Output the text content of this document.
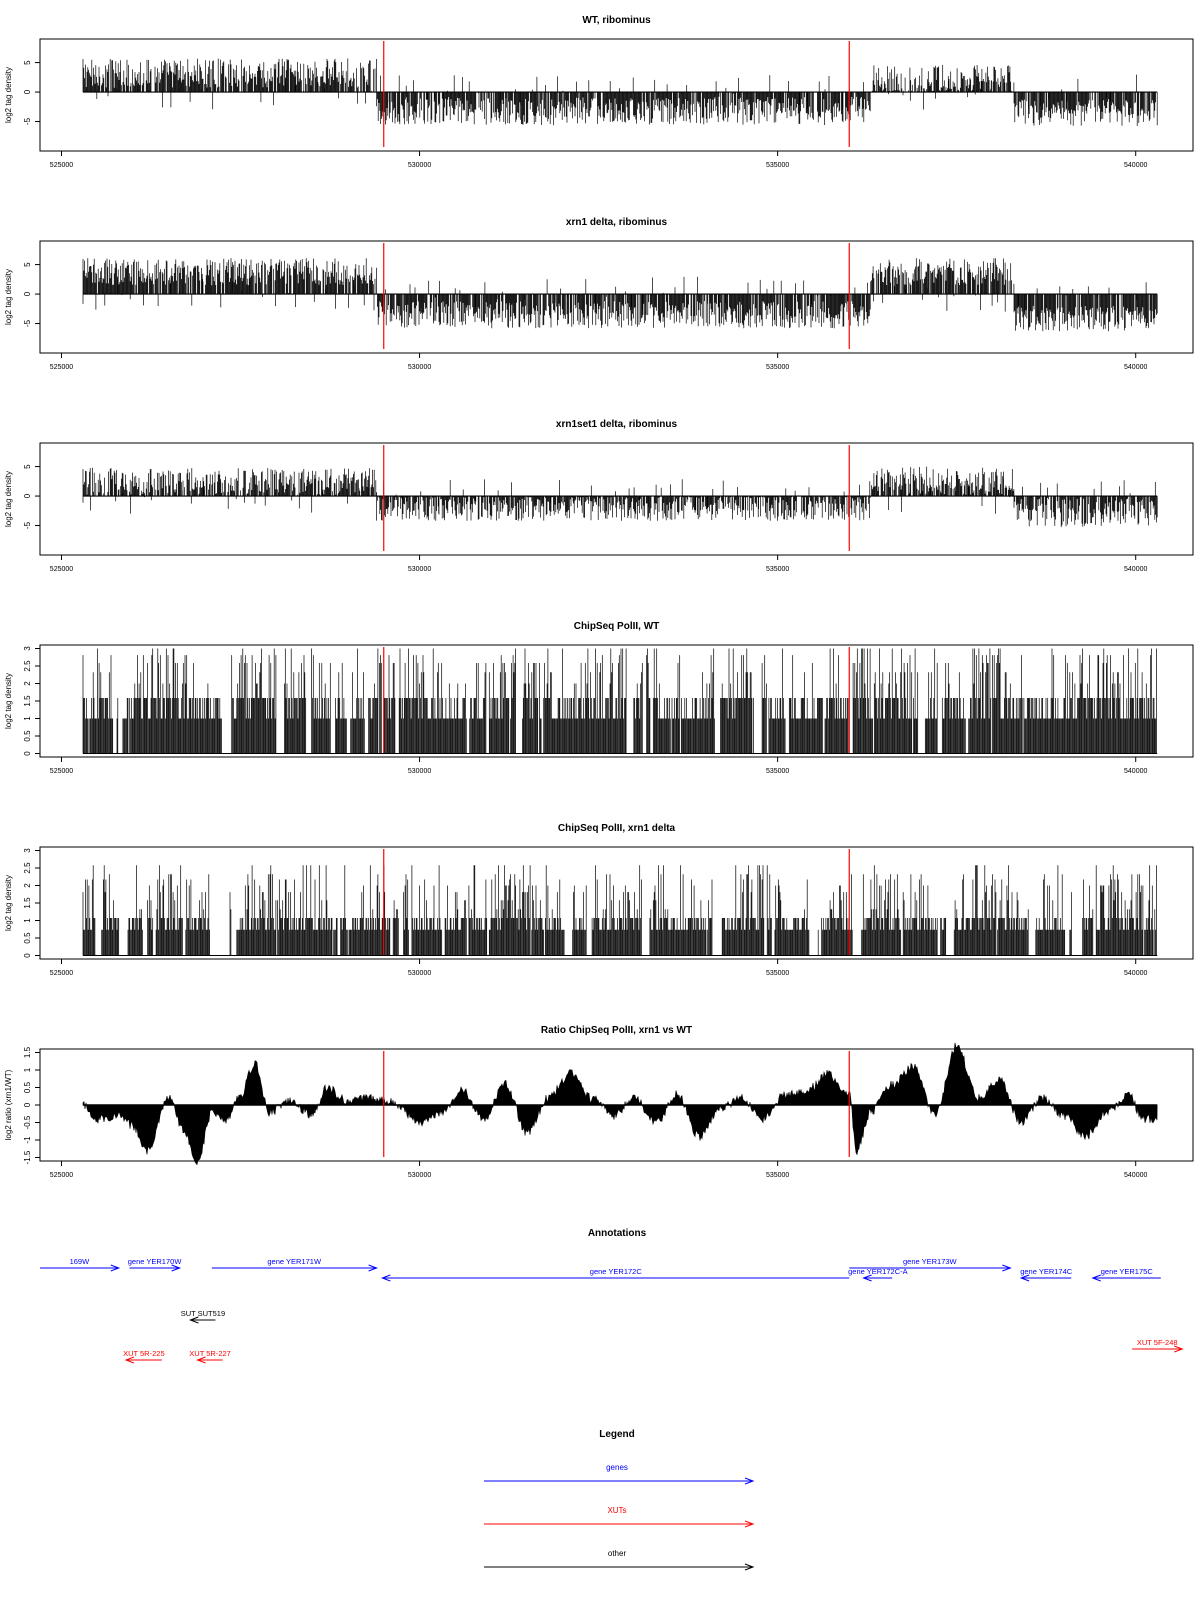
WT, ribominus
-5
0
5
log2 tag density
525000	530000	535000	540000
xrn1 delta, ribominus
-5
0
5
log2 tag density
525000	530000	535000	540000
xrn1set1 delta, ribominus
-5
0
5
log2 tag density
525000	530000	535000	540000
ChipSeq PolII, WT
0
0.5
1
1.5
2
2.5
3
log2 tag density
525000	530000	535000	540000
ChipSeq PolII, xrn1 delta
0
0.5
1
1.5
2
2.5
3
log2 tag density
525000	530000	535000	540000
Ratio ChipSeq PolII, xrn1 vs WT
-1.5
-1
-0.5
0
0.5
1
1.5
log2 ratio (xrn1/WT)
525000	530000	535000	540000
Annotations
169W	gene YER170W	gene YER171W
gene YER172C	gene YER172C-A
gene YER173W
gene YER174C	gene YER175C
SUT SUT519
XUT 5R-225	XUT 5R-227
XUT 5F-248
Legend
genes
XUTs
other
